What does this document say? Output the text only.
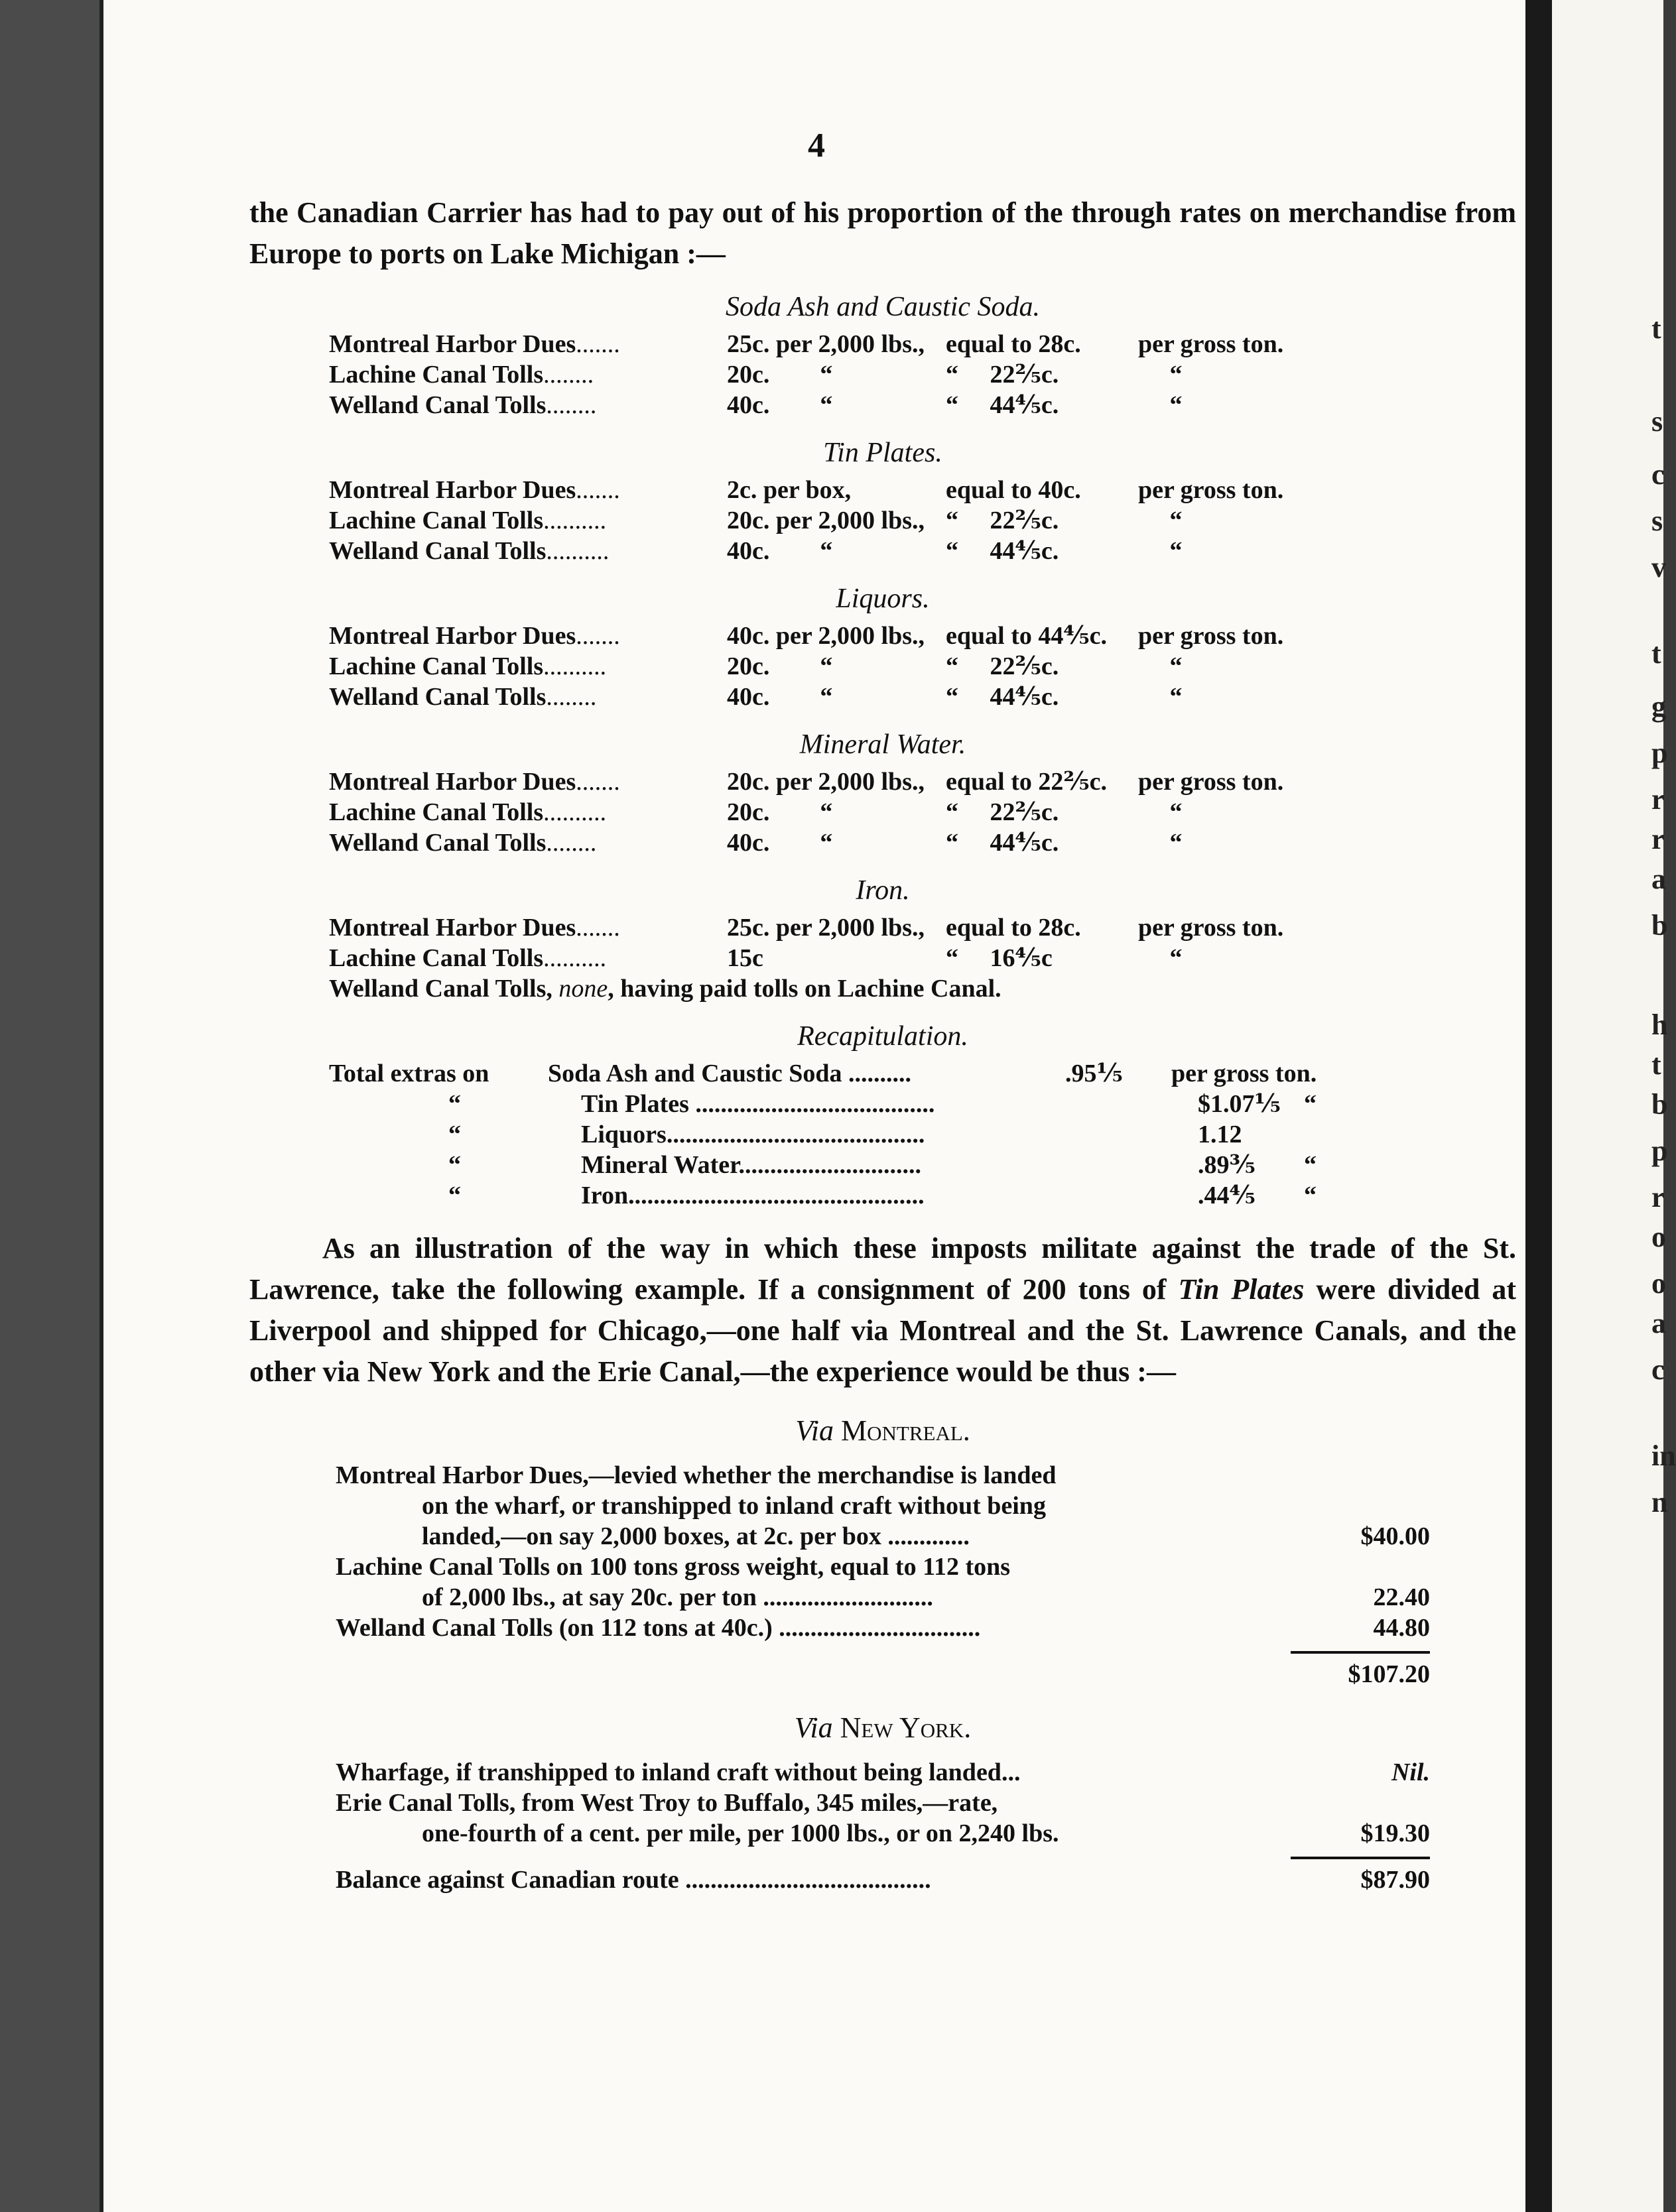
4

the Canadian Carrier has had to pay out of his proportion of the through rates on merchandise from Europe to ports on Lake Michigan :—

Soda Ash and Caustic Soda.
Montreal Harbor Dues.......	25c. per 2,000 lbs., equal to 28c.	per gross ton.
Lachine Canal Tolls........	20c.        “	“     22⅖c.	“
Welland Canal Tolls........	40c.        “	“     44⅘c.	“
Tin Plates.
Montreal Harbor Dues.......	2c. per box,	equal to 40c.	per gross ton.
Lachine Canal Tolls..........	20c. per 2,000 lbs., “     22⅖c.	“
Welland Canal Tolls..........	40c.        “	“     44⅘c.	“
Liquors.
Montreal Harbor Dues.......	40c. per 2,000 lbs., equal to 44⅘c.	per gross ton.
Lachine Canal Tolls..........	20c.        “	“     22⅖c.	“
Welland Canal Tolls........	40c.        “	“     44⅘c.	“
Mineral Water.
Montreal Harbor Dues.......	20c. per 2,000 lbs., equal to 22⅖c.	per gross ton.
Lachine Canal Tolls..........	20c.        “	“     22⅖c.	“
Welland Canal Tolls........	40c.        “	“     44⅘c.	“
Iron.
Montreal Harbor Dues.......	25c. per 2,000 lbs., equal to 28c.	per gross ton.
Lachine Canal Tolls..........	15c	“     16⅘c	“
Welland Canal Tolls, none, having paid tolls on Lachine Canal.
Recapitulation.
Total extras on	Soda Ash and Caustic Soda ..........	.95⅕	per gross ton.
“	Tin Plates ......................................	$1.07⅕ “
“	Liquors.........................................	1.12
“	Mineral Water.............................	.89⅗	“
“	Iron...............................................	.44⅘	“

As an illustration of the way in which these imposts militate against the trade of the St. Lawrence, take the following example. If a consignment of 200 tons of Tin Plates were divided at Liverpool and shipped for Chicago,—one half via Montreal and the St. Lawrence Canals, and the other via New York and the Erie Canal,—the experience would be thus :—

Via Montreal.
Montreal Harbor Dues,—levied whether the merchandise is landed
on the wharf, or transhipped to inland craft without being
landed,—on say 2,000 boxes, at 2c. per box .............	$40.00
Lachine Canal Tolls on 100 tons gross weight, equal to 112 tons
of 2,000 lbs., at say 20c. per ton ...........................	22.40
Welland Canal Tolls (on 112 tons at 40c.) ................................	44.80
$107.20
Via New York.
Wharfage, if transhipped to inland craft without being landed...	Nil.
Erie Canal Tolls, from West Troy to Buffalo, 345 miles,—rate,
one-fourth of a cent. per mile, per 1000 lbs., or on 2,240 lbs.	$19.30
Balance against Canadian route .......................................	$87.90
t
s
c
s
v
t
g
p
r
r
a
b
h
t
b
p
r
o
o
a
c
in
n
